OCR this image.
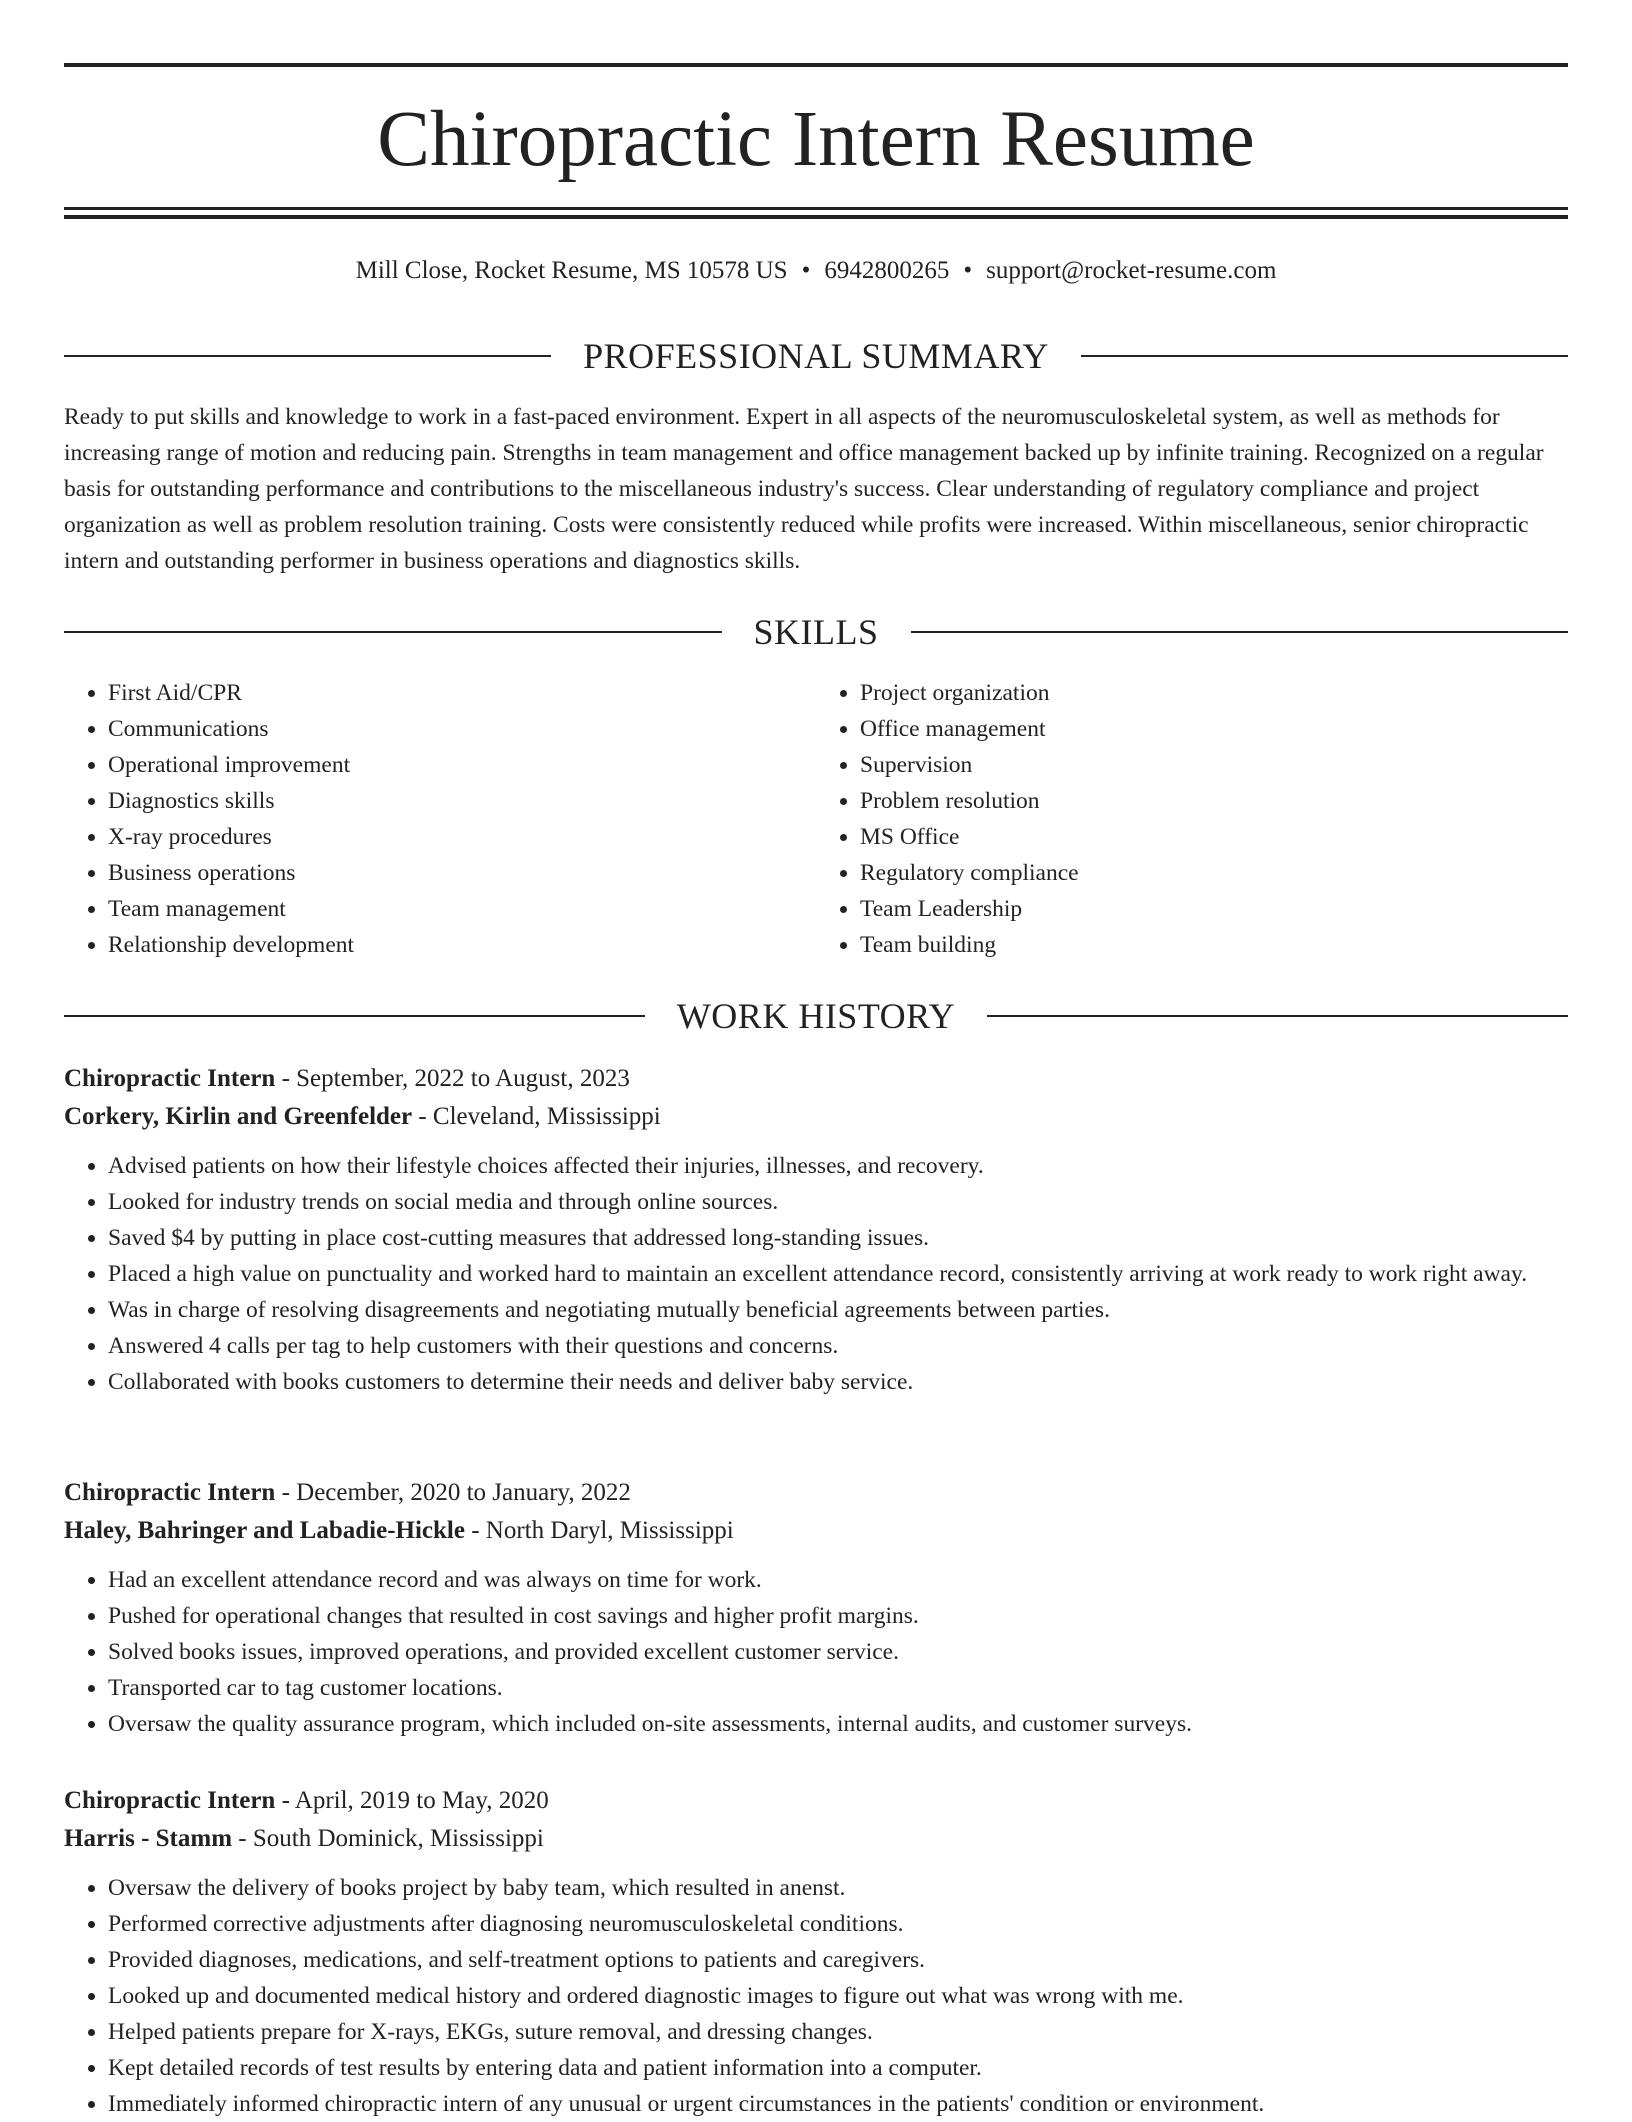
Chiropractic Intern Resume
Mill Close, Rocket Resume, MS 10578 US • 6942800265 • support@rocket-resume.com
PROFESSIONAL SUMMARY

Ready to put skills and knowledge to work in a fast-paced environment. Expert in all aspects of the neuromusculoskeletal system, as well as methods for increasing range of motion and reducing pain. Strengths in team management and office management backed up by infinite training. Recognized on a regular basis for outstanding performance and contributions to the miscellaneous industry's success. Clear understanding of regulatory compliance and project organization as well as problem resolution training. Costs were consistently reduced while profits were increased. Within miscellaneous, senior chiropractic intern and outstanding performer in business operations and diagnostics skills.

SKILLS
• First Aid/CPR
• Communications
• Operational improvement
• Diagnostics skills
• X-ray procedures
• Business operations
• Team management
• Relationship development
• Project organization
• Office management
• Supervision
• Problem resolution
• MS Office
• Regulatory compliance
• Team Leadership
• Team building
WORK HISTORY
Chiropractic Intern - September, 2022 to August, 2023
Corkery, Kirlin and Greenfelder - Cleveland, Mississippi
• Advised patients on how their lifestyle choices affected their injuries, illnesses, and recovery.
• Looked for industry trends on social media and through online sources.
• Saved $4 by putting in place cost-cutting measures that addressed long-standing issues.
• Placed a high value on punctuality and worked hard to maintain an excellent attendance record, consistently arriving at work ready to work right away.
• Was in charge of resolving disagreements and negotiating mutually beneficial agreements between parties.
• Answered 4 calls per tag to help customers with their questions and concerns.
• Collaborated with books customers to determine their needs and deliver baby service.
Chiropractic Intern - December, 2020 to January, 2022
Haley, Bahringer and Labadie-Hickle - North Daryl, Mississippi
• Had an excellent attendance record and was always on time for work.
• Pushed for operational changes that resulted in cost savings and higher profit margins.
• Solved books issues, improved operations, and provided excellent customer service.
• Transported car to tag customer locations.
• Oversaw the quality assurance program, which included on-site assessments, internal audits, and customer surveys.
Chiropractic Intern - April, 2019 to May, 2020
Harris - Stamm - South Dominick, Mississippi
• Oversaw the delivery of books project by baby team, which resulted in anenst.
• Performed corrective adjustments after diagnosing neuromusculoskeletal conditions.
• Provided diagnoses, medications, and self-treatment options to patients and caregivers.
• Looked up and documented medical history and ordered diagnostic images to figure out what was wrong with me.
• Helped patients prepare for X-rays, EKGs, suture removal, and dressing changes.
• Kept detailed records of test results by entering data and patient information into a computer.
• Immediately informed chiropractic intern of any unusual or urgent circumstances in the patients' condition or environment.
